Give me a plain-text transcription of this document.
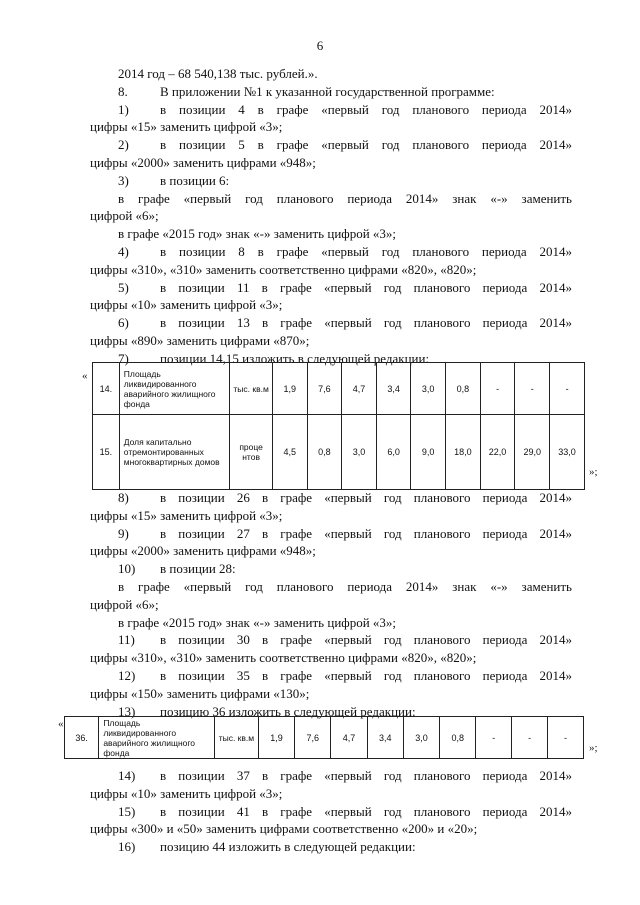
6
2014 год – 68 540,138 тыс. рублей.».
8. В приложении №1 к указанной государственной программе:
1) в позиции 4 в графе «первый год планового периода 2014»
цифры «15» заменить цифрой «3»;
2) в позиции 5 в графе «первый год планового периода 2014»
цифры «2000» заменить цифрами «948»;
3) в позиции 6:
в графе «первый год планового периода 2014» знак «-» заменить
цифрой «6»;
в графе «2015 год» знак «-» заменить цифрой «3»;
4) в позиции 8 в графе «первый год планового периода 2014»
цифры «310», «310» заменить соответственно цифрами «820», «820»;
5) в позиции 11 в графе «первый год планового периода 2014»
цифры «10» заменить цифрой «3»;
6) в позиции 13 в графе «первый год планового периода 2014»
цифры «890» заменить цифрами «870»;
7) позиции 14,15 изложить в следующей редакции:
«
14.	Площадь ликвидированного аварийного жилищного фонда	тыс. кв.м	1,9	7,6	4,7	3,4	3,0	0,8	-	-	-
15.	Доля капитально отремонтированных многоквартирных домов	проце нтов	4,5	0,8	3,0	6,0	9,0	18,0	22,0	29,0	33,0
»;
8) в позиции 26 в графе «первый год планового периода 2014»
цифры «15» заменить цифрой «3»;
9) в позиции 27 в графе «первый год планового периода 2014»
цифры «2000» заменить цифрами «948»;
10) в позиции 28:
в графе «первый год планового периода 2014» знак «-» заменить
цифрой «6»;
в графе «2015 год» знак «-» заменить цифрой «3»;
11) в позиции 30 в графе «первый год планового периода 2014»
цифры «310», «310» заменить соответственно цифрами «820», «820»;
12) в позиции 35 в графе «первый год планового периода 2014»
цифры «150» заменить цифрами «130»;
13) позицию 36 изложить в следующей редакции:
«
36.	Площадь ликвидированного аварийного жилищного фонда	тыс. кв.м	1,9	7,6	4,7	3,4	3,0	0,8	-	-	-
»;
14) в позиции 37 в графе «первый год планового периода 2014»
цифры «10» заменить цифрой «3»;
15) в позиции 41 в графе «первый год планового периода 2014»
цифры «300» и «50» заменить цифрами соответственно «200» и «20»;
16) позицию 44 изложить в следующей редакции:
